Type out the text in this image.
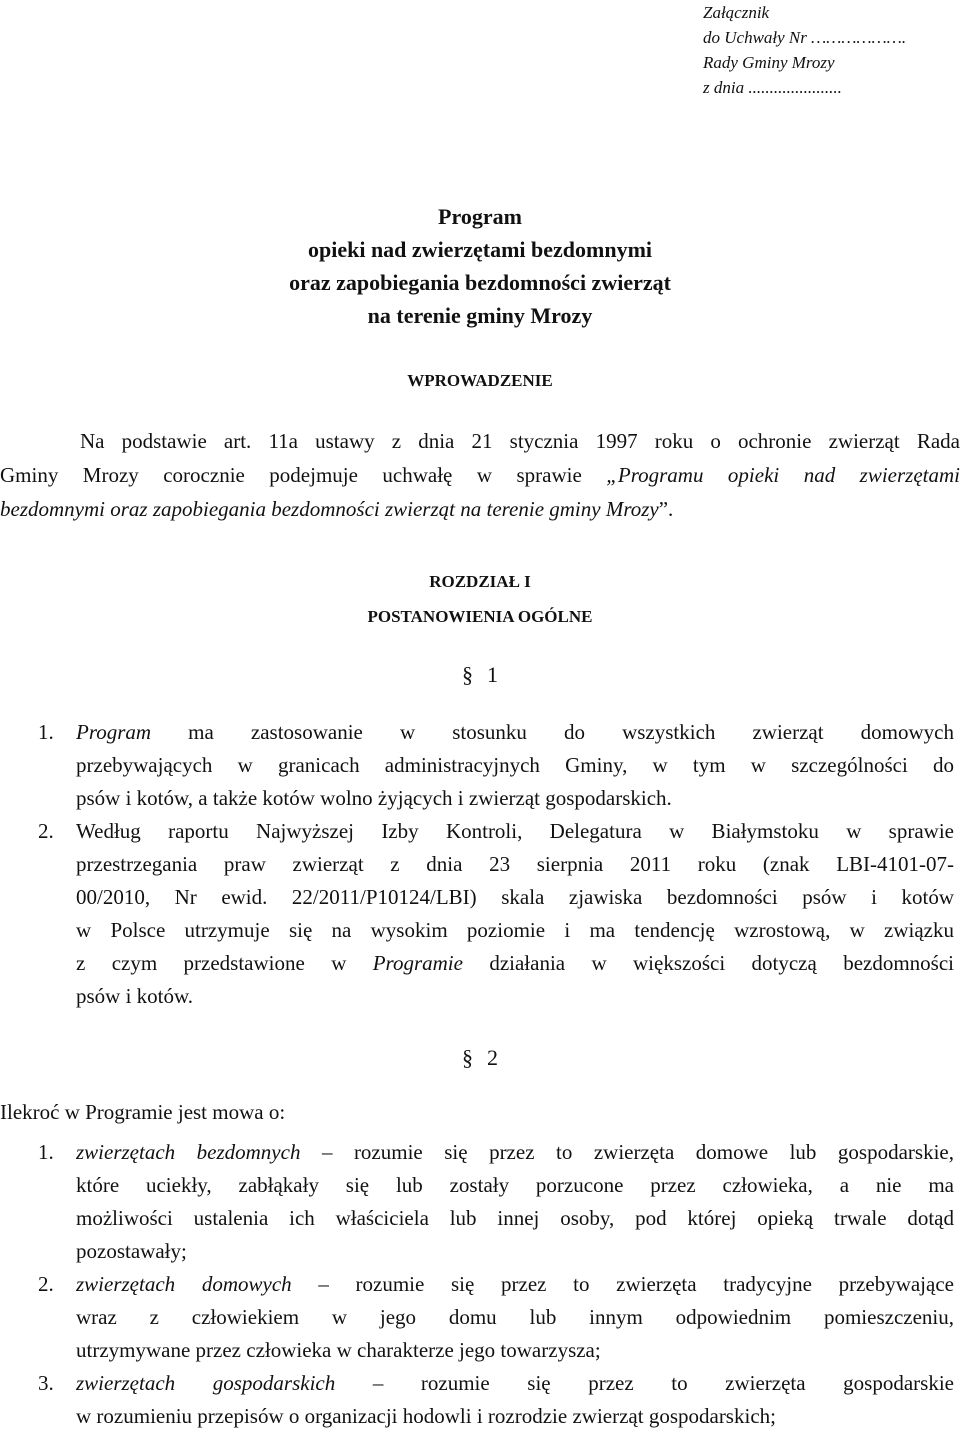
Załącznik
do Uchwały Nr ……………….
Rady Gminy Mrozy
z dnia ......................
Program
opieki nad zwierzętami bezdomnymi
oraz zapobiegania bezdomności zwierząt
na terenie gminy Mrozy
WPROWADZENIE
Na podstawie art. 11a ustawy z dnia 21 stycznia 1997 roku o ochronie zwierząt Rada
Gminy Mrozy corocznie podejmuje uchwałę w sprawie „Programu opieki nad zwierzętami
bezdomnymi oraz zapobiegania bezdomności zwierząt na terenie gminy Mrozy”.
ROZDZIAŁ I
POSTANOWIENIA OGÓLNE
§ 1
1. Program ma zastosowanie w stosunku do wszystkich zwierząt domowych
przebywających w granicach administracyjnych Gminy, w tym w szczególności do
psów i kotów, a także kotów wolno żyjących i zwierząt gospodarskich.
2. Według raportu Najwyższej Izby Kontroli, Delegatura w Białymstoku w sprawie
przestrzegania praw zwierząt z dnia 23 sierpnia 2011 roku (znak LBI-4101-07-
00/2010, Nr ewid. 22/2011/P10124/LBI) skala zjawiska bezdomności psów i kotów
w Polsce utrzymuje się na wysokim poziomie i ma tendencję wzrostową, w związku
z czym przedstawione w Programie działania w większości dotyczą bezdomności
psów i kotów.
§ 2
Ilekroć w Programie jest mowa o:
1. zwierzętach bezdomnych – rozumie się przez to zwierzęta domowe lub gospodarskie,
które uciekły, zabłąkały się lub zostały porzucone przez człowieka, a nie ma
możliwości ustalenia ich właściciela lub innej osoby, pod której opieką trwale dotąd
pozostawały;
2. zwierzętach domowych – rozumie się przez to zwierzęta tradycyjne przebywające
wraz z człowiekiem w jego domu lub innym odpowiednim pomieszczeniu,
utrzymywane przez człowieka w charakterze jego towarzysza;
3. zwierzętach gospodarskich – rozumie się przez to zwierzęta gospodarskie
w rozumieniu przepisów o organizacji hodowli i rozrodzie zwierząt gospodarskich;
